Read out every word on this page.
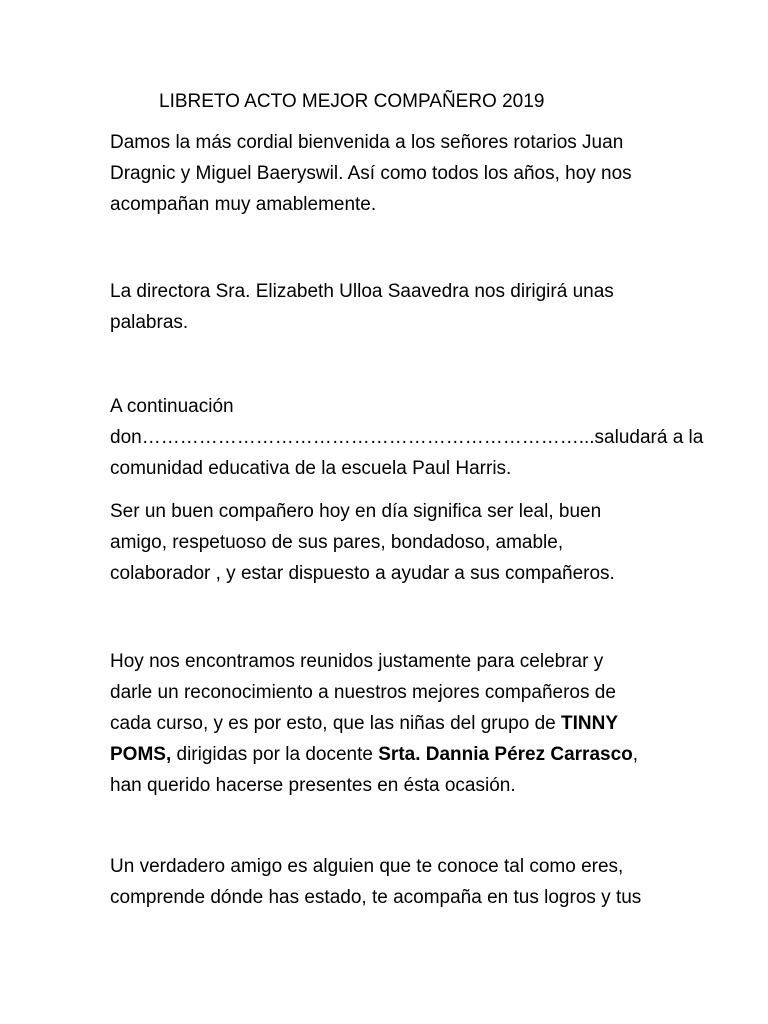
LIBRETO ACTO MEJOR COMPAÑERO 2019

Damos la más cordial bienvenida a los señores rotarios Juan
Dragnic y Miguel Baeryswil. Así como todos los años, hoy nos
acompañan muy amablemente.

La directora Sra. Elizabeth Ulloa Saavedra nos dirigirá unas
palabras.

A continuación
don……………………………………………………………...saludará a la
comunidad educativa de la escuela Paul Harris.

Ser un buen compañero hoy en día significa ser leal, buen
amigo, respetuoso de sus pares, bondadoso, amable,
colaborador , y estar dispuesto a ayudar a sus compañeros.

Hoy nos encontramos reunidos justamente para celebrar y
darle un reconocimiento a nuestros mejores compañeros de
cada curso, y es por esto, que las niñas del grupo de TINNY
POMS, dirigidas por la docente Srta. Dannia Pérez Carrasco,
han querido hacerse presentes en ésta ocasión.

Un verdadero amigo es alguien que te conoce tal como eres,
comprende dónde has estado, te acompaña en tus logros y tus
